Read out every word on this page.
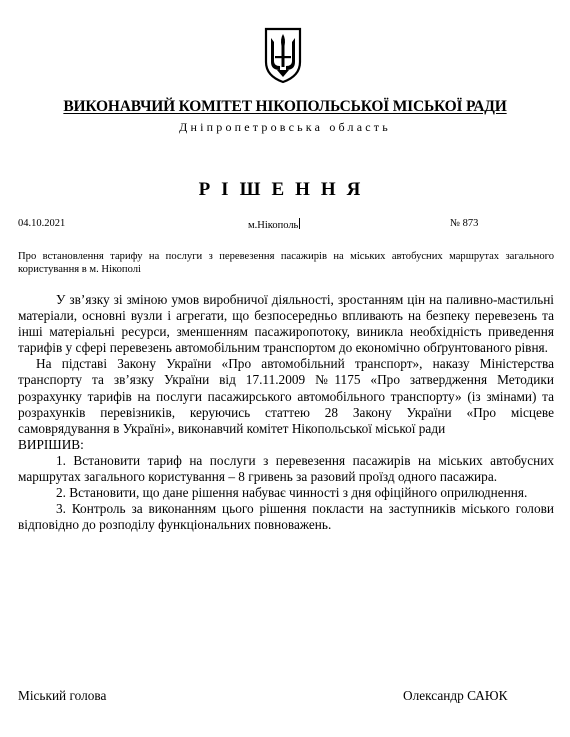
ВИКОНАВЧИЙ КОМІТЕТ НІКОПОЛЬСЬКОЇ МІСЬКОЇ РАДИ
Дніпропетровська область
РІШЕННЯ
04.10.2021	м.Нікополь	№ 873
Про встановлення тарифу на послуги з перевезення пасажирів на міських автобусних маршрутах загального користування в м. Нікополі

У зв’язку зі зміною умов виробничої діяльності, зростанням цін на паливно-мастильні матеріали, основні вузли і агрегати, що безпосередньо впливають на безпеку перевезень та інші матеріальні ресурси, зменшенням пасажиропотоку, виникла необхідність приведення тарифів у сфері перевезень автомобільним транспортом до економічно обґрунтованого рівня.

На підставі Закону України «Про автомобільний транспорт», наказу Міністерства транспорту та зв’язку України від 17.11.2009 №1175 «Про затвердження Методики розрахунку тарифів на послуги пасажирського автомобільного транспорту» (із змінами) та розрахунків перевізників, керуючись статтею 28 Закону України «Про місцеве самоврядування в Україні», виконавчий комітет Нікопольської міської ради

ВИРІШИВ:

1. Встановити тариф на послуги з перевезення пасажирів на міських автобусних маршрутах загального користування – 8 гривень за разовий проїзд одного пасажира.

2. Встановити, що дане рішення набуває чинності з дня офіційного оприлюднення.

3. Контроль за виконанням цього рішення покласти на заступників міського голови відповідно до розподілу функціональних повноважень.

Міський голова	Олександр САЮК
